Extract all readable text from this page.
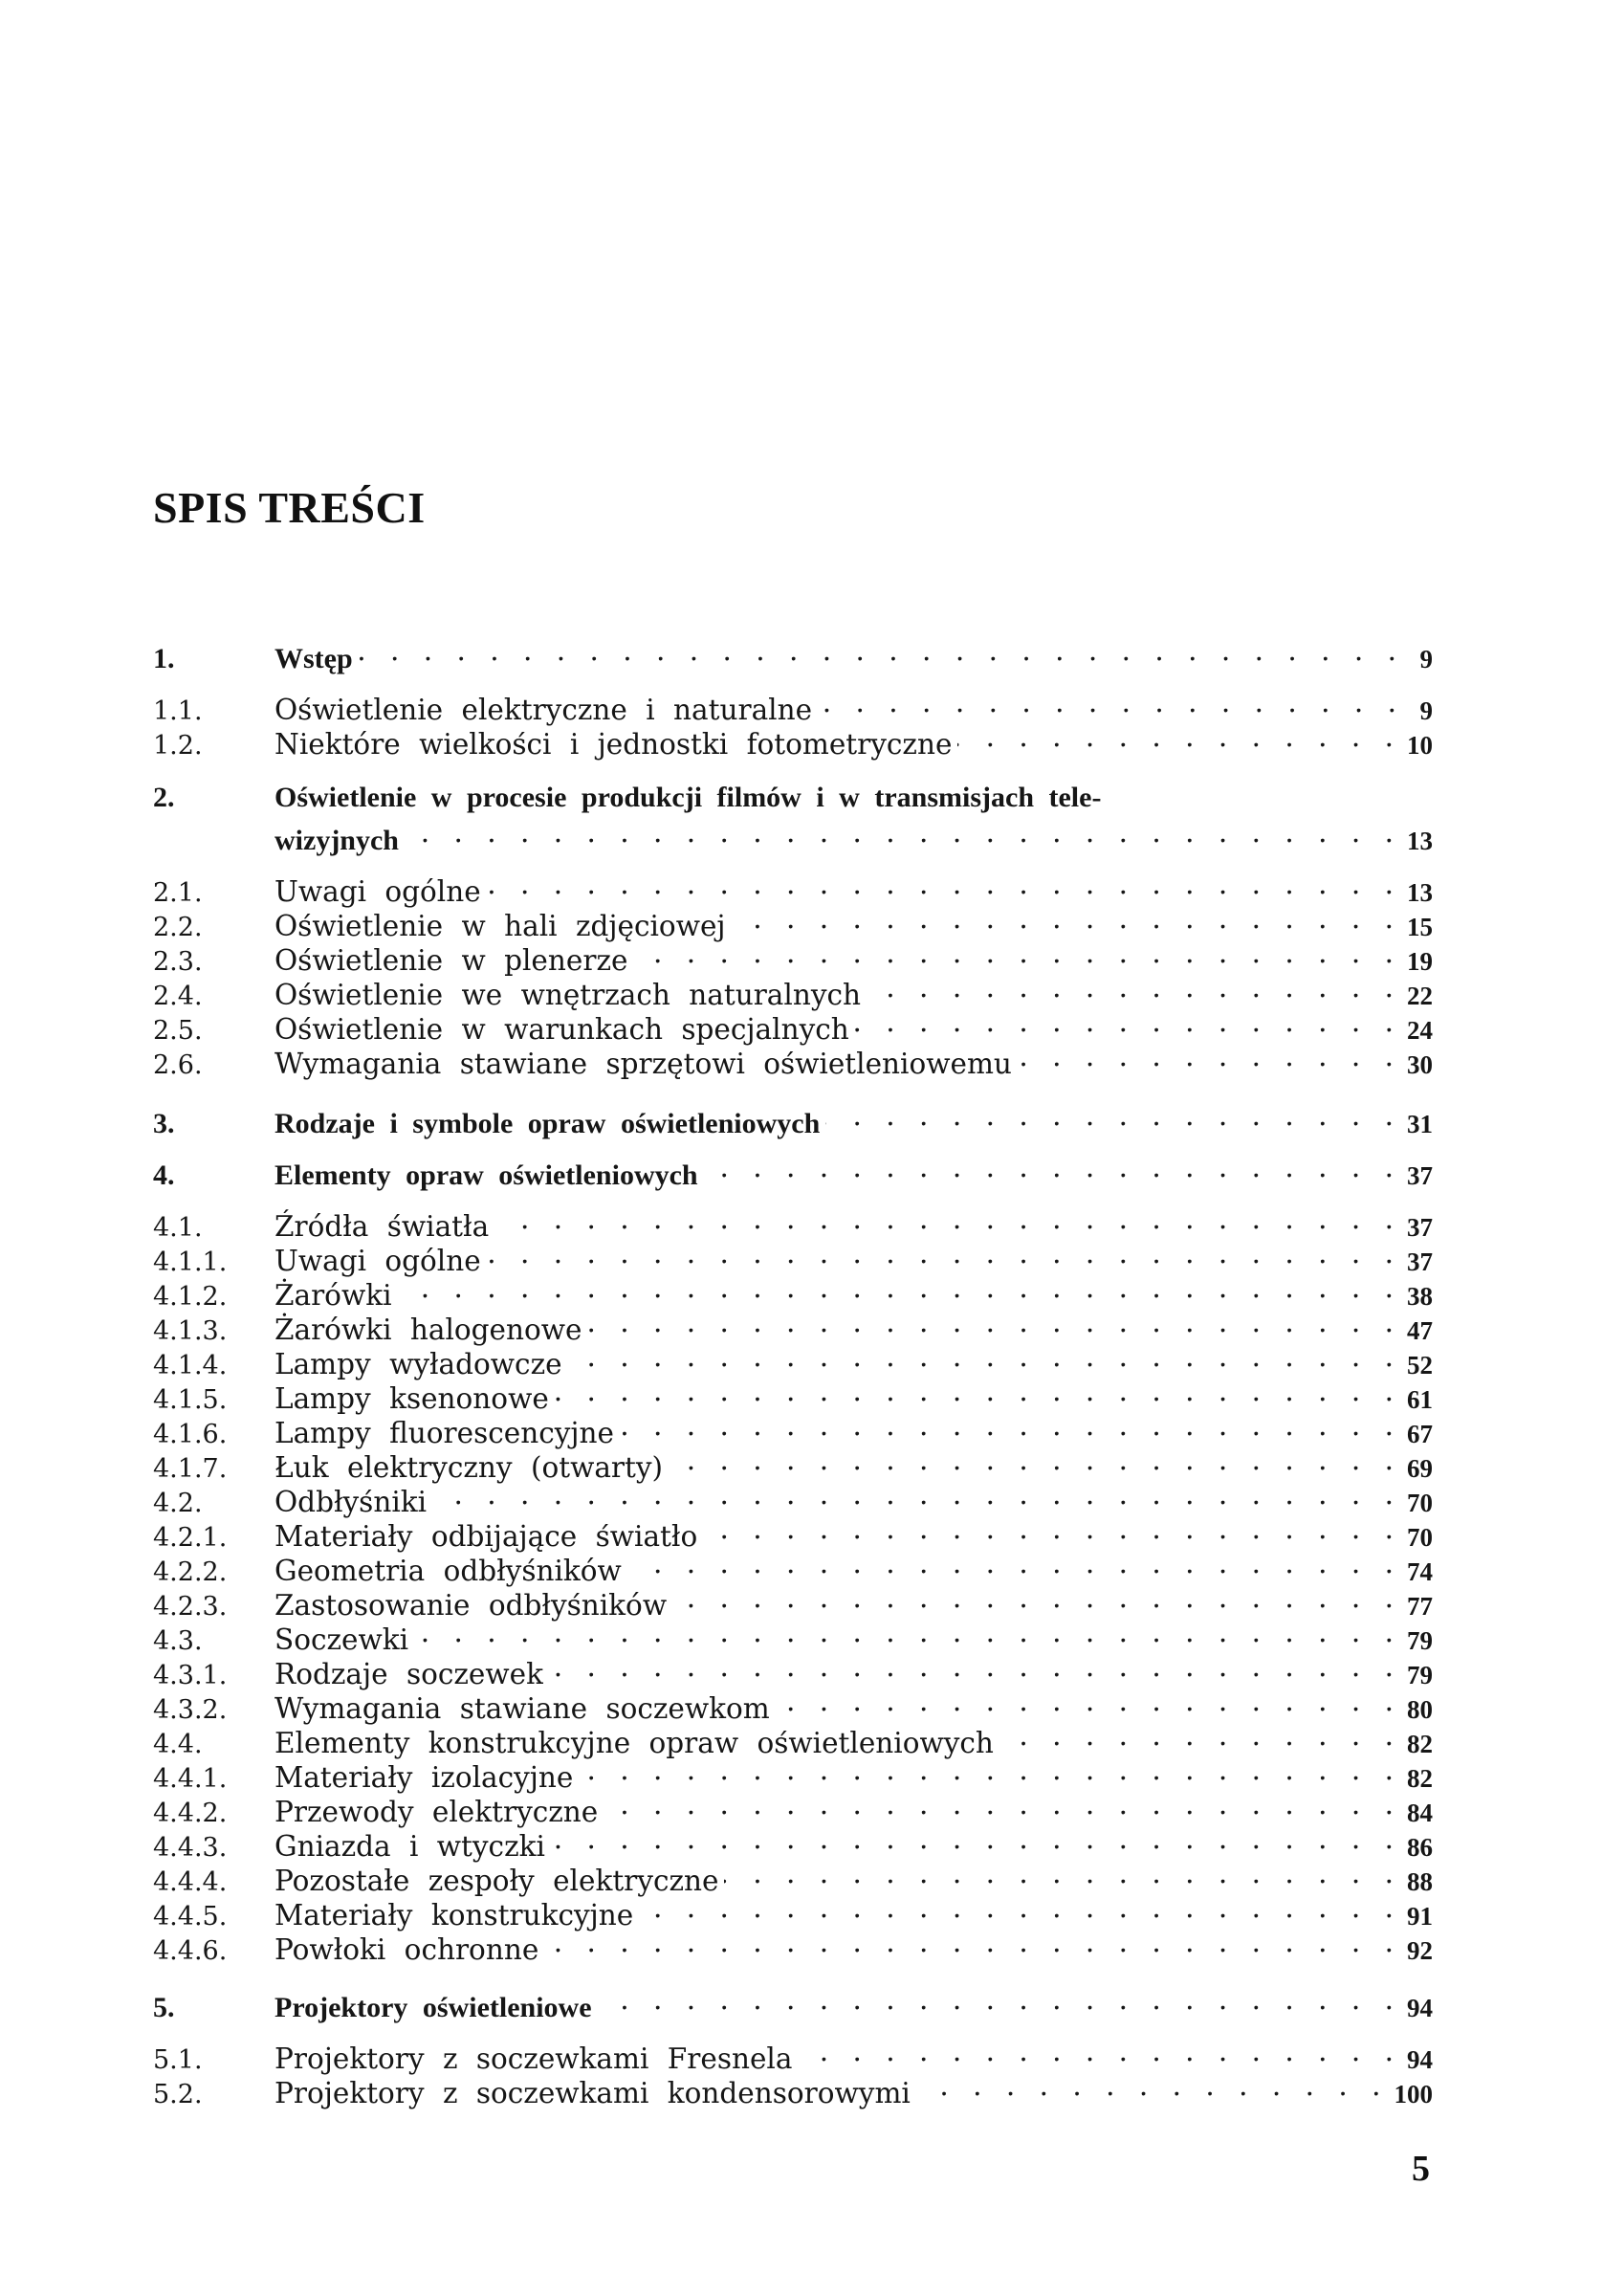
SPIS TREŚCI
1.	Wstęp . . .	9
1.1.	Oświetlenie elektryczne i naturalne . . .	9
1.2.	Niektóre wielkości i jednostki fotometryczne . . .	10
2.	Oświetlenie w procesie produkcji filmów i w transmisjach tele-
wizyjnych . . .	13
2.1.	Uwagi ogólne . . .	13
2.2.	Oświetlenie w hali zdjęciowej . . .	15
2.3.	Oświetlenie w plenerze . . .	19
2.4.	Oświetlenie we wnętrzach naturalnych . . .	22
2.5.	Oświetlenie w warunkach specjalnych . . .	24
2.6.	Wymagania stawiane sprzętowi oświetleniowemu . . .	30
3.	Rodzaje i symbole opraw oświetleniowych . . .	31
4.	Elementy opraw oświetleniowych . . .	37
4.1.	Źródła światła . . .	37
4.1.1.	Uwagi ogólne . . .	37
4.1.2.	Żarówki . . .	38
4.1.3.	Żarówki halogenowe . . .	47
4.1.4.	Lampy wyładowcze . . .	52
4.1.5.	Lampy ksenonowe . . .	61
4.1.6.	Lampy fluorescencyjne . . .	67
4.1.7.	Łuk elektryczny (otwarty) . . .	69
4.2.	Odbłyśniki . . .	70
4.2.1.	Materiały odbijające światło . . .	70
4.2.2.	Geometria odbłyśników . . .	74
4.2.3.	Zastosowanie odbłyśników . . .	77
4.3.	Soczewki . . .	79
4.3.1.	Rodzaje soczewek . . .	79
4.3.2.	Wymagania stawiane soczewkom . . .	80
4.4.	Elementy konstrukcyjne opraw oświetleniowych . . .	82
4.4.1.	Materiały izolacyjne . . .	82
4.4.2.	Przewody elektryczne . . .	84
4.4.3.	Gniazda i wtyczki . . .	86
4.4.4.	Pozostałe zespoły elektryczne . . .	88
4.4.5.	Materiały konstrukcyjne . . .	91
4.4.6.	Powłoki ochronne . . .	92
5.	Projektory oświetleniowe . . .	94
5.1.	Projektory z soczewkami Fresnela . . .	94
5.2.	Projektory z soczewkami kondensorowymi . . .	100
5
